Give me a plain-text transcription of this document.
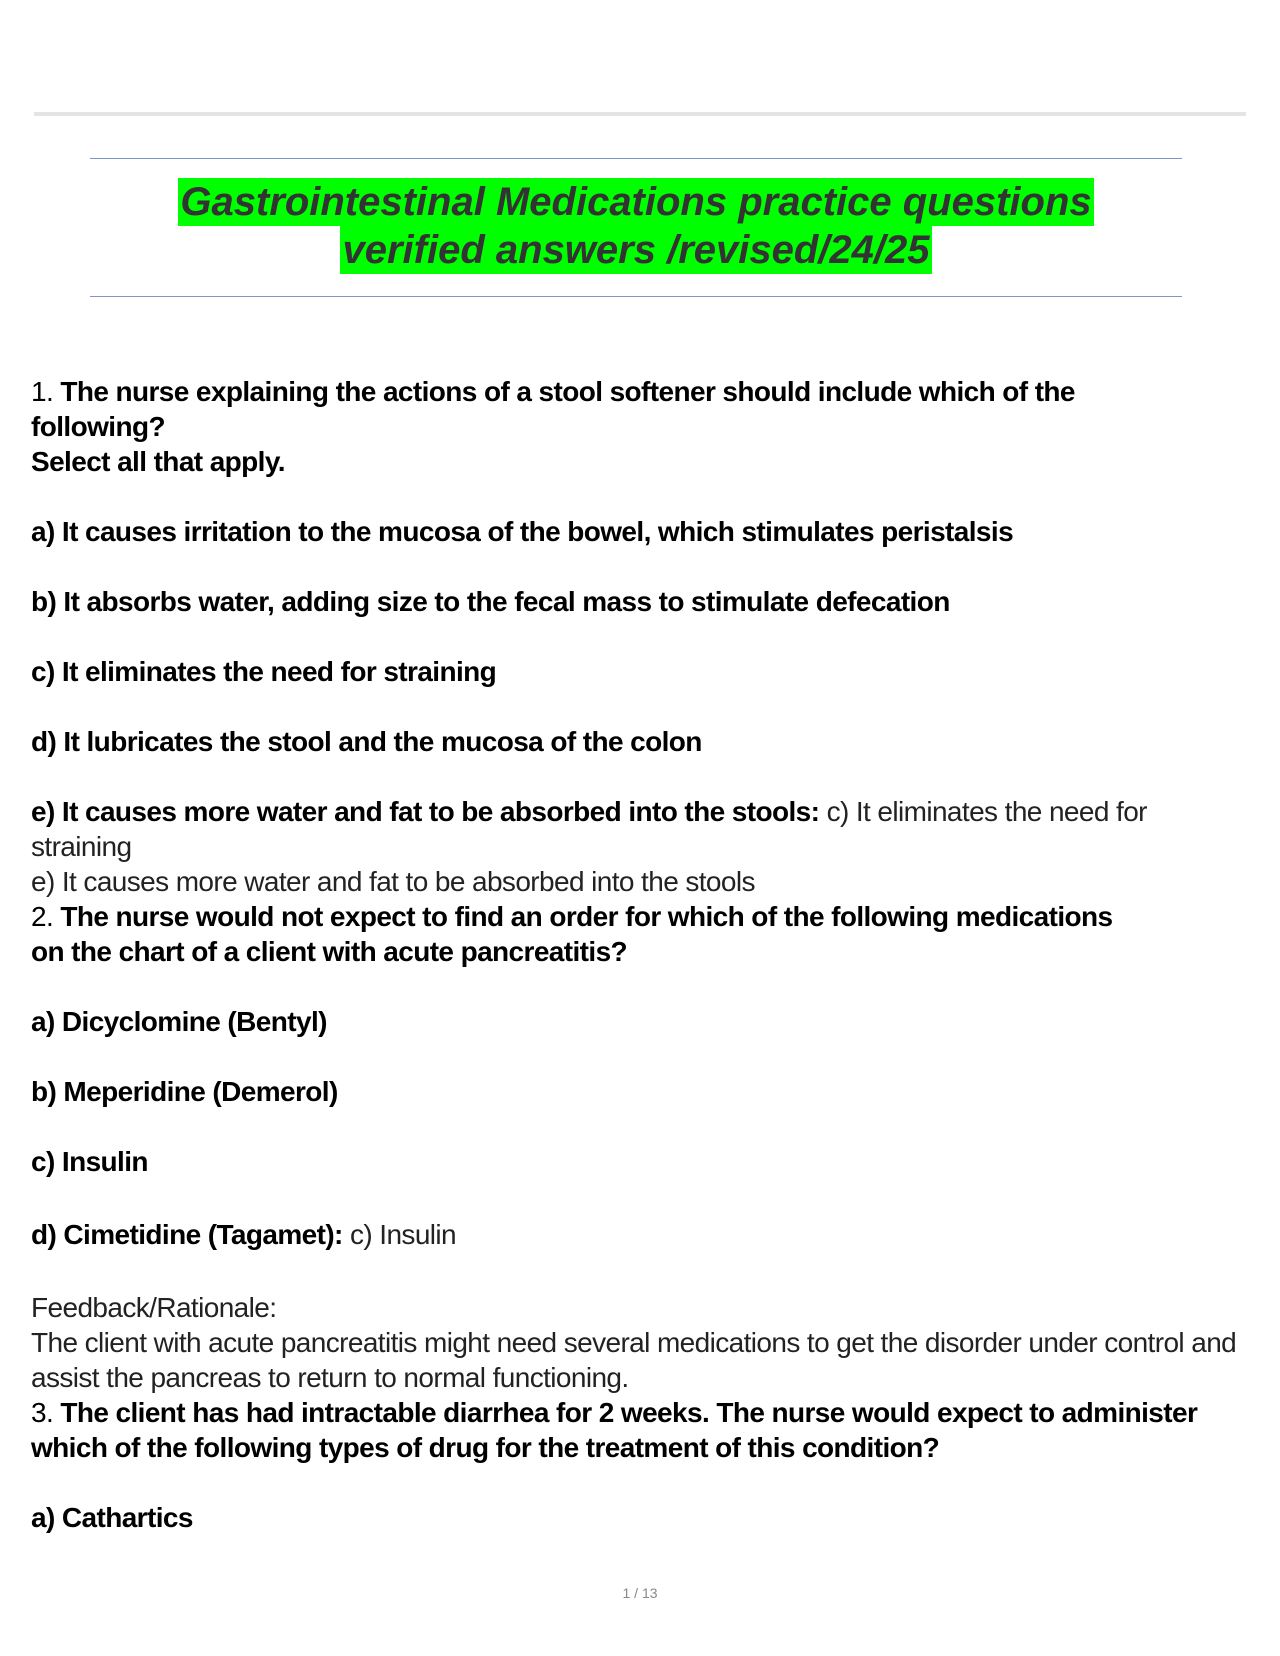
Gastrointestinal Medications practice questions
verified answers /revised/24/25

1. The nurse explaining the actions of a stool softener should include which of the

following?

Select all that apply.

a) It causes irritation to the mucosa of the bowel, which stimulates peristalsis

b) It absorbs water, adding size to the fecal mass to stimulate defecation

c) It eliminates the need for straining

d) It lubricates the stool and the mucosa of the colon

e) It causes more water and fat to be absorbed into the stools: c) It eliminates the need for

straining

e) It causes more water and fat to be absorbed into the stools

2. The nurse would not expect to find an order for which of the following medications

on the chart of a client with acute pancreatitis?

a) Dicyclomine (Bentyl)

b) Meperidine (Demerol)

c) Insulin

d) Cimetidine (Tagamet): c) Insulin

Feedback/Rationale:

The client with acute pancreatitis might need several medications to get the disorder under control and

assist the pancreas to return to normal functioning.

3. The client has had intractable diarrhea for 2 weeks. The nurse would expect to administer

which of the following types of drug for the treatment of this condition?

a) Cathartics

1 / 13
